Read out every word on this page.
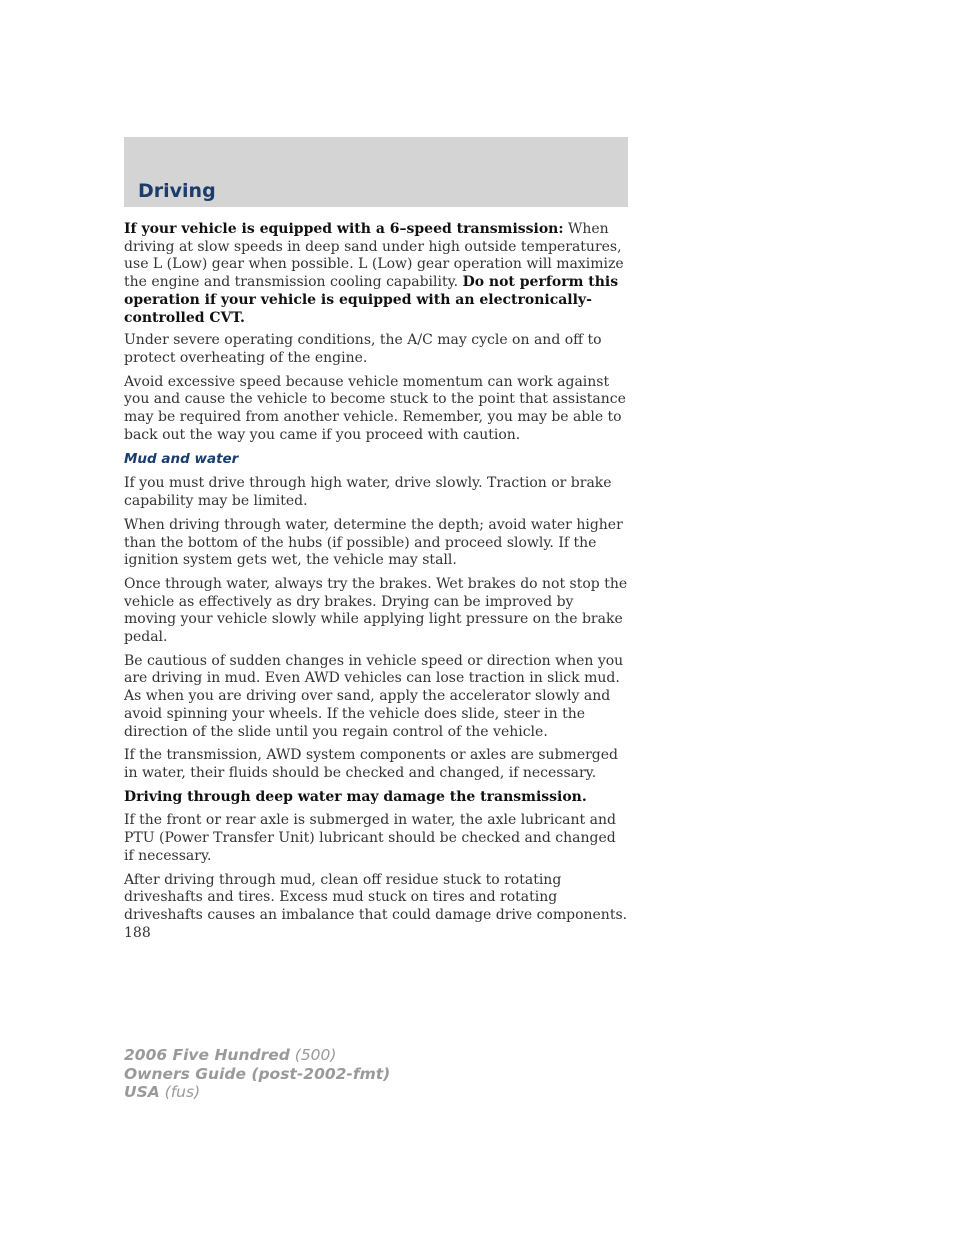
Driving

If your vehicle is equipped with a 6–speed transmission: When driving at slow speeds in deep sand under high outside temperatures, use L (Low) gear when possible. L (Low) gear operation will maximize the engine and transmission cooling capability. Do not perform this operation if your vehicle is equipped with an electronically-controlled CVT.

Under severe operating conditions, the A/C may cycle on and off to protect overheating of the engine.

Avoid excessive speed because vehicle momentum can work against you and cause the vehicle to become stuck to the point that assistance may be required from another vehicle. Remember, you may be able to back out the way you came if you proceed with caution.

Mud and water

If you must drive through high water, drive slowly. Traction or brake capability may be limited.

When driving through water, determine the depth; avoid water higher than the bottom of the hubs (if possible) and proceed slowly. If the ignition system gets wet, the vehicle may stall.

Once through water, always try the brakes. Wet brakes do not stop the vehicle as effectively as dry brakes. Drying can be improved by moving your vehicle slowly while applying light pressure on the brake pedal.

Be cautious of sudden changes in vehicle speed or direction when you are driving in mud. Even AWD vehicles can lose traction in slick mud. As when you are driving over sand, apply the accelerator slowly and avoid spinning your wheels. If the vehicle does slide, steer in the direction of the slide until you regain control of the vehicle.

If the transmission, AWD system components or axles are submerged in water, their fluids should be checked and changed, if necessary.

Driving through deep water may damage the transmission.

If the front or rear axle is submerged in water, the axle lubricant and PTU (Power Transfer Unit) lubricant should be checked and changed if necessary.

After driving through mud, clean off residue stuck to rotating driveshafts and tires. Excess mud stuck on tires and rotating driveshafts causes an imbalance that could damage drive components.

188
2006 Five Hundred (500)
Owners Guide (post-2002-fmt)
USA (fus)
